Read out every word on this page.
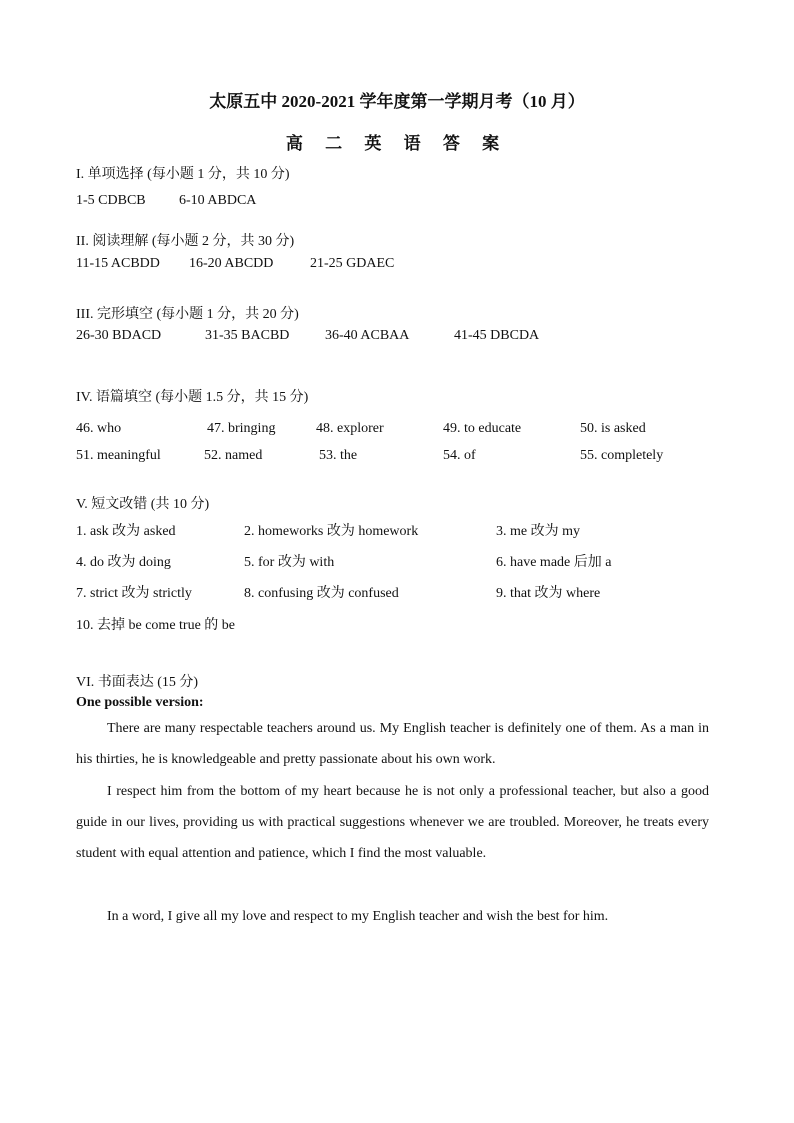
太原五中 2020-2021 学年度第一学期月考（10 月）
高 二 英 语 答 案
I. 单项选择 (每小题 1 分，共 10 分)
1-5 CDBCB 6-10 ABDCA
II. 阅读理解 (每小题 2 分，共 30 分)
11-15 ACBDD 16-20 ABCDD	21-25 GDAEC
III. 完形填空 (每小题 1 分，共 20 分)
26-30 BDACD	31-35 BACBD	36-40 ACBAA	41-45 DBCDA
IV. 语篇填空 (每小题 1.5 分，共 15 分)
46. who	47. bringing	48. explorer	49. to educate	50. is asked
51. meaningful	52. named	53. the	54. of	55. completely
V. 短文改错 (共 10 分)
1. ask 改为 asked	2. homeworks 改为 homework	3. me 改为 my
4. do 改为 doing	5. for 改为 with	6. have made 后加 a
7. strict 改为 strictly	8. confusing 改为 confused	9. that 改为 where
10. 去掉 be come true 的 be
VI. 书面表达 (15 分)
One possible version:
There are many respectable teachers around us. My English teacher is definitely one of them. As a man in his thirties, he is knowledgeable and pretty passionate about his own work.
I respect him from the bottom of my heart because he is not only a professional teacher, but also a good guide in our lives, providing us with practical suggestions whenever we are troubled. Moreover, he treats every student with equal attention and patience, which I find the most valuable.
In a word, I give all my love and respect to my English teacher and wish the best for him.
